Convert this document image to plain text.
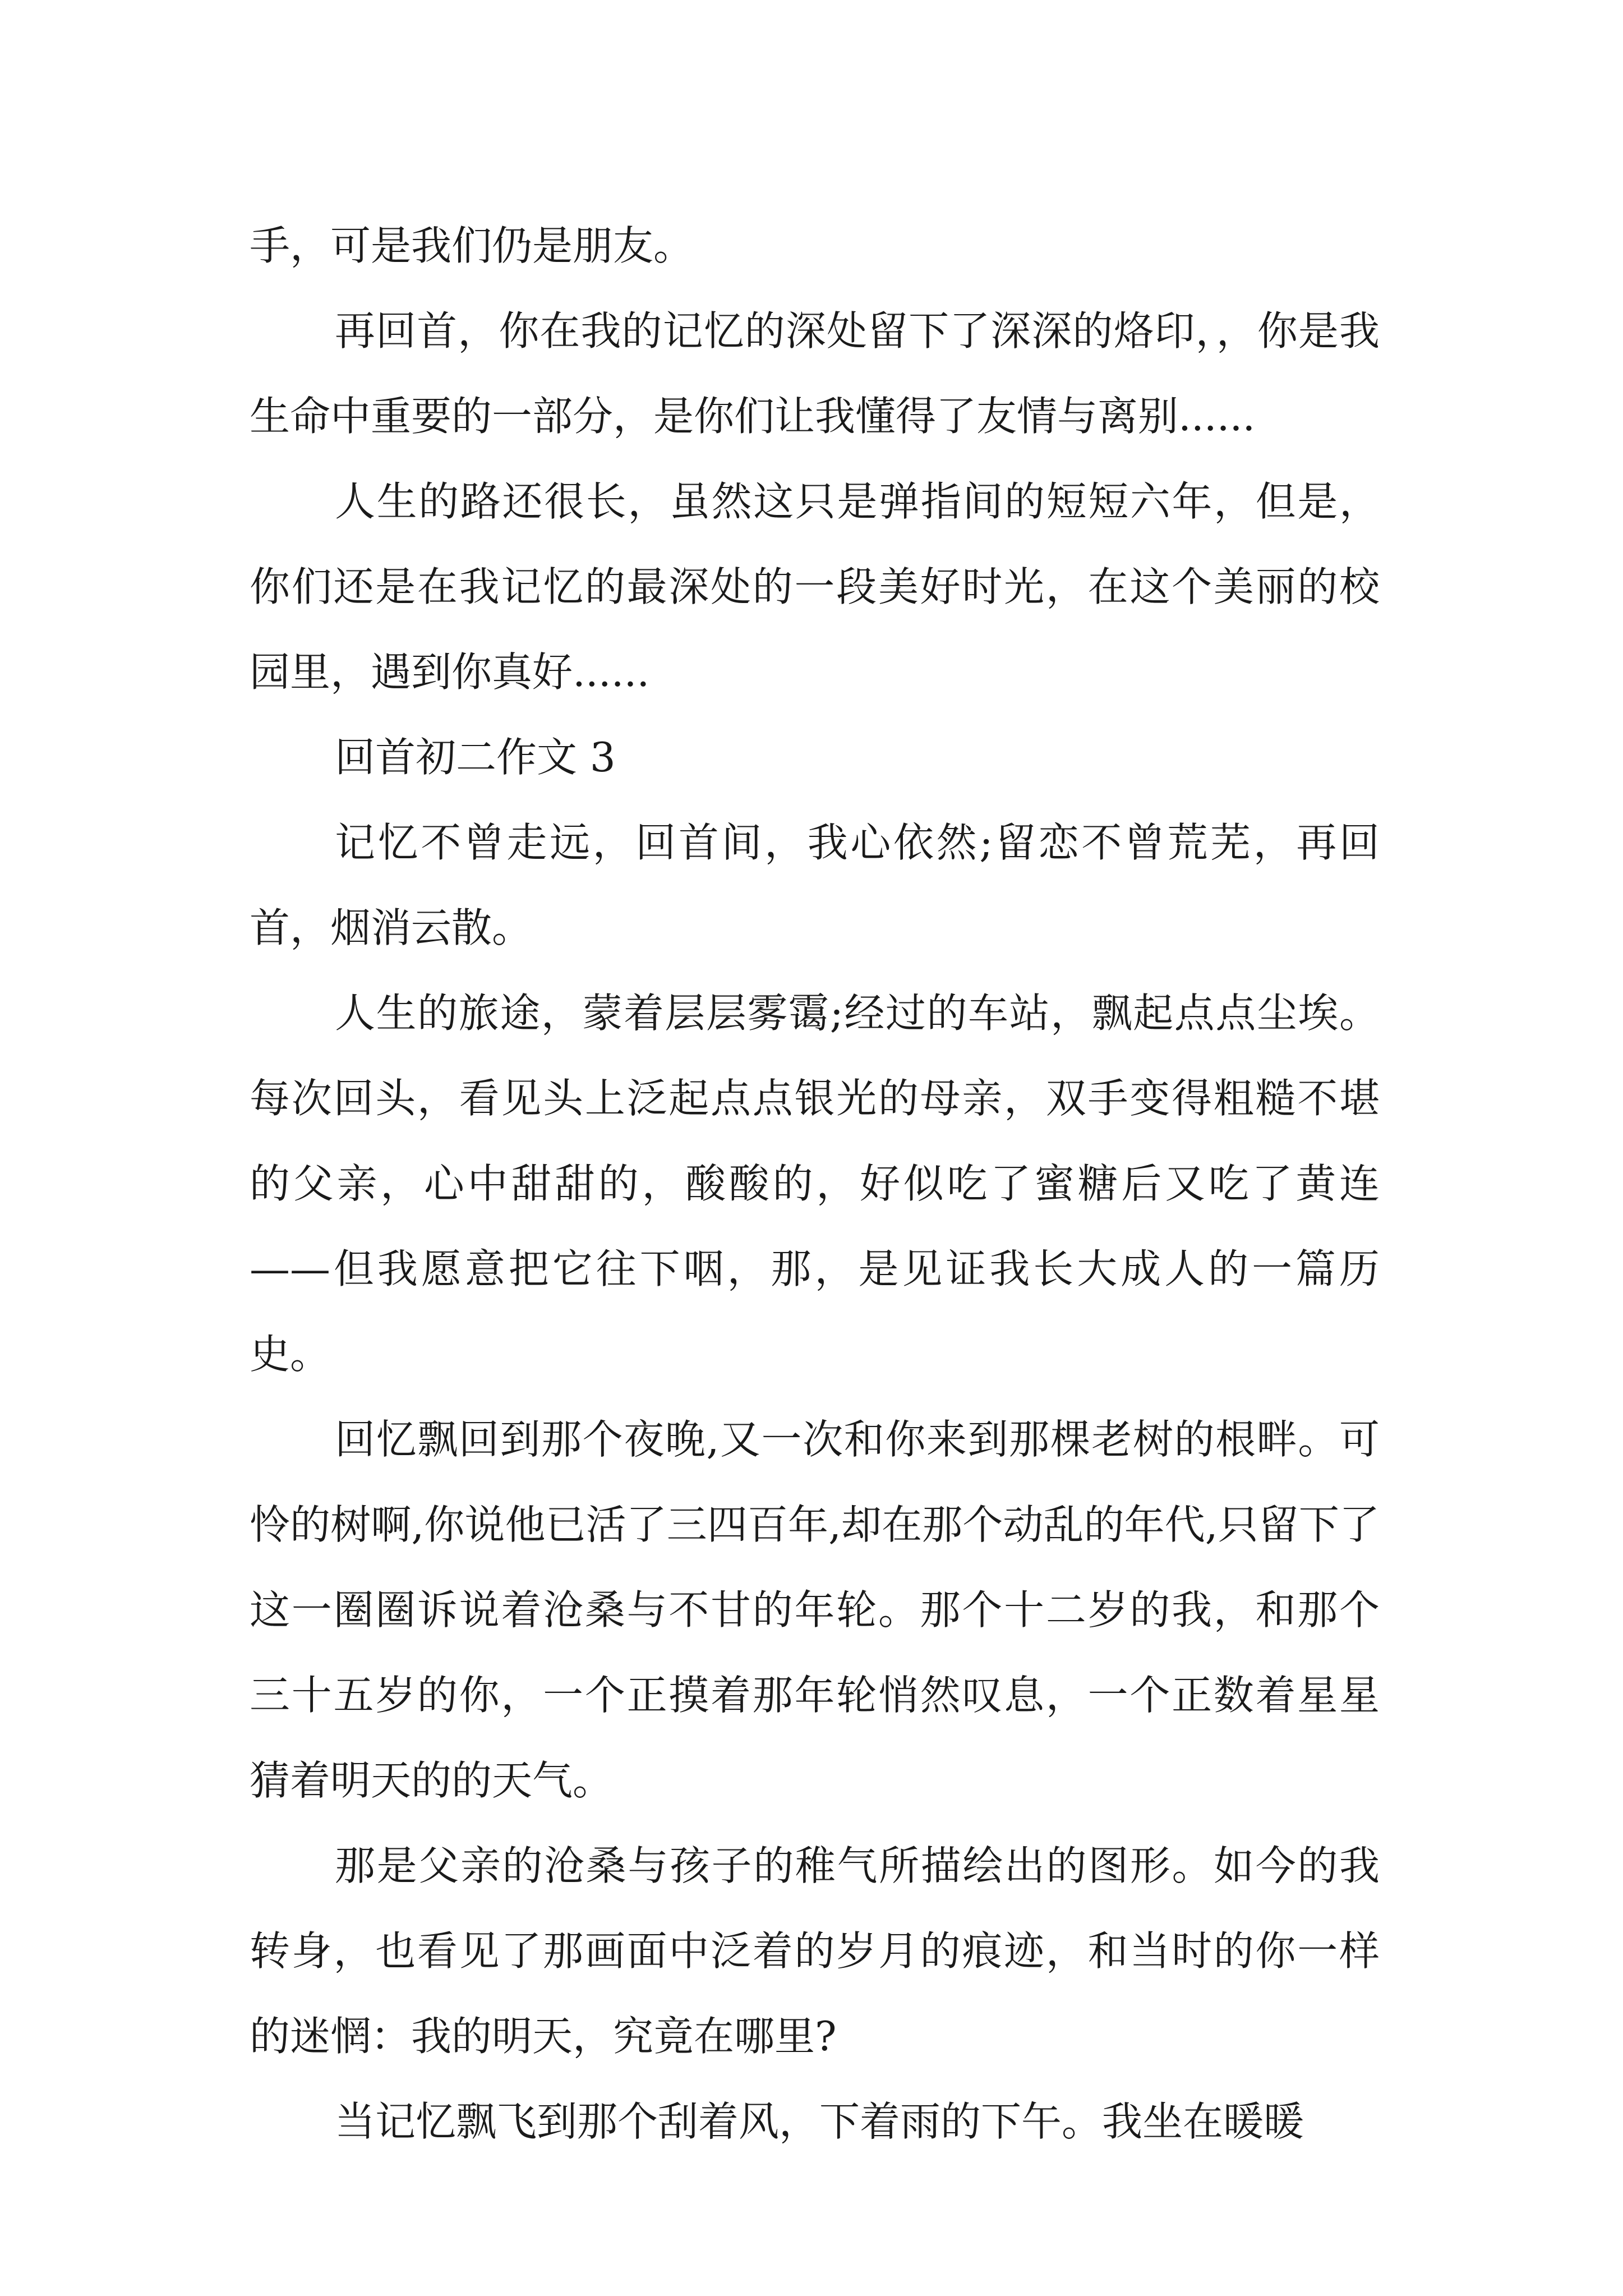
手，可是我们仍是朋友。

再回首，你在我的记忆的深处留下了深深的烙印，，你是我生命中重要的一部分，是你们让我懂得了友情与离别......

人生的路还很长，虽然这只是弹指间的短短六年，但是，你们还是在我记忆的最深处的一段美好时光，在这个美丽的校园里，遇到你真好......

回首初二作文 3

记忆不曾走远，回首间，我心依然;留恋不曾荒芜，再回首，烟消云散。

人生的旅途，蒙着层层雾霭;经过的车站，飘起点点尘埃。每次回头，看见头上泛起点点银光的母亲，双手变得粗糙不堪的父亲，心中甜甜的，酸酸的，好似吃了蜜糖后又吃了黄连——但我愿意把它往下咽，那，是见证我长大成人的一篇历史。

回忆飘回到那个夜晚,又一次和你来到那棵老树的根畔。可怜的树啊,你说他已活了三四百年,却在那个动乱的年代,只留下了这一圈圈诉说着沧桑与不甘的年轮。那个十二岁的我，和那个三十五岁的你，一个正摸着那年轮悄然叹息，一个正数着星星猜着明天的的天气。

那是父亲的沧桑与孩子的稚气所描绘出的图形。如今的我转身，也看见了那画面中泛着的岁月的痕迹，和当时的你一样的迷惘：我的明天，究竟在哪里?

当记忆飘飞到那个刮着风，下着雨的下午。我坐在暖暖
